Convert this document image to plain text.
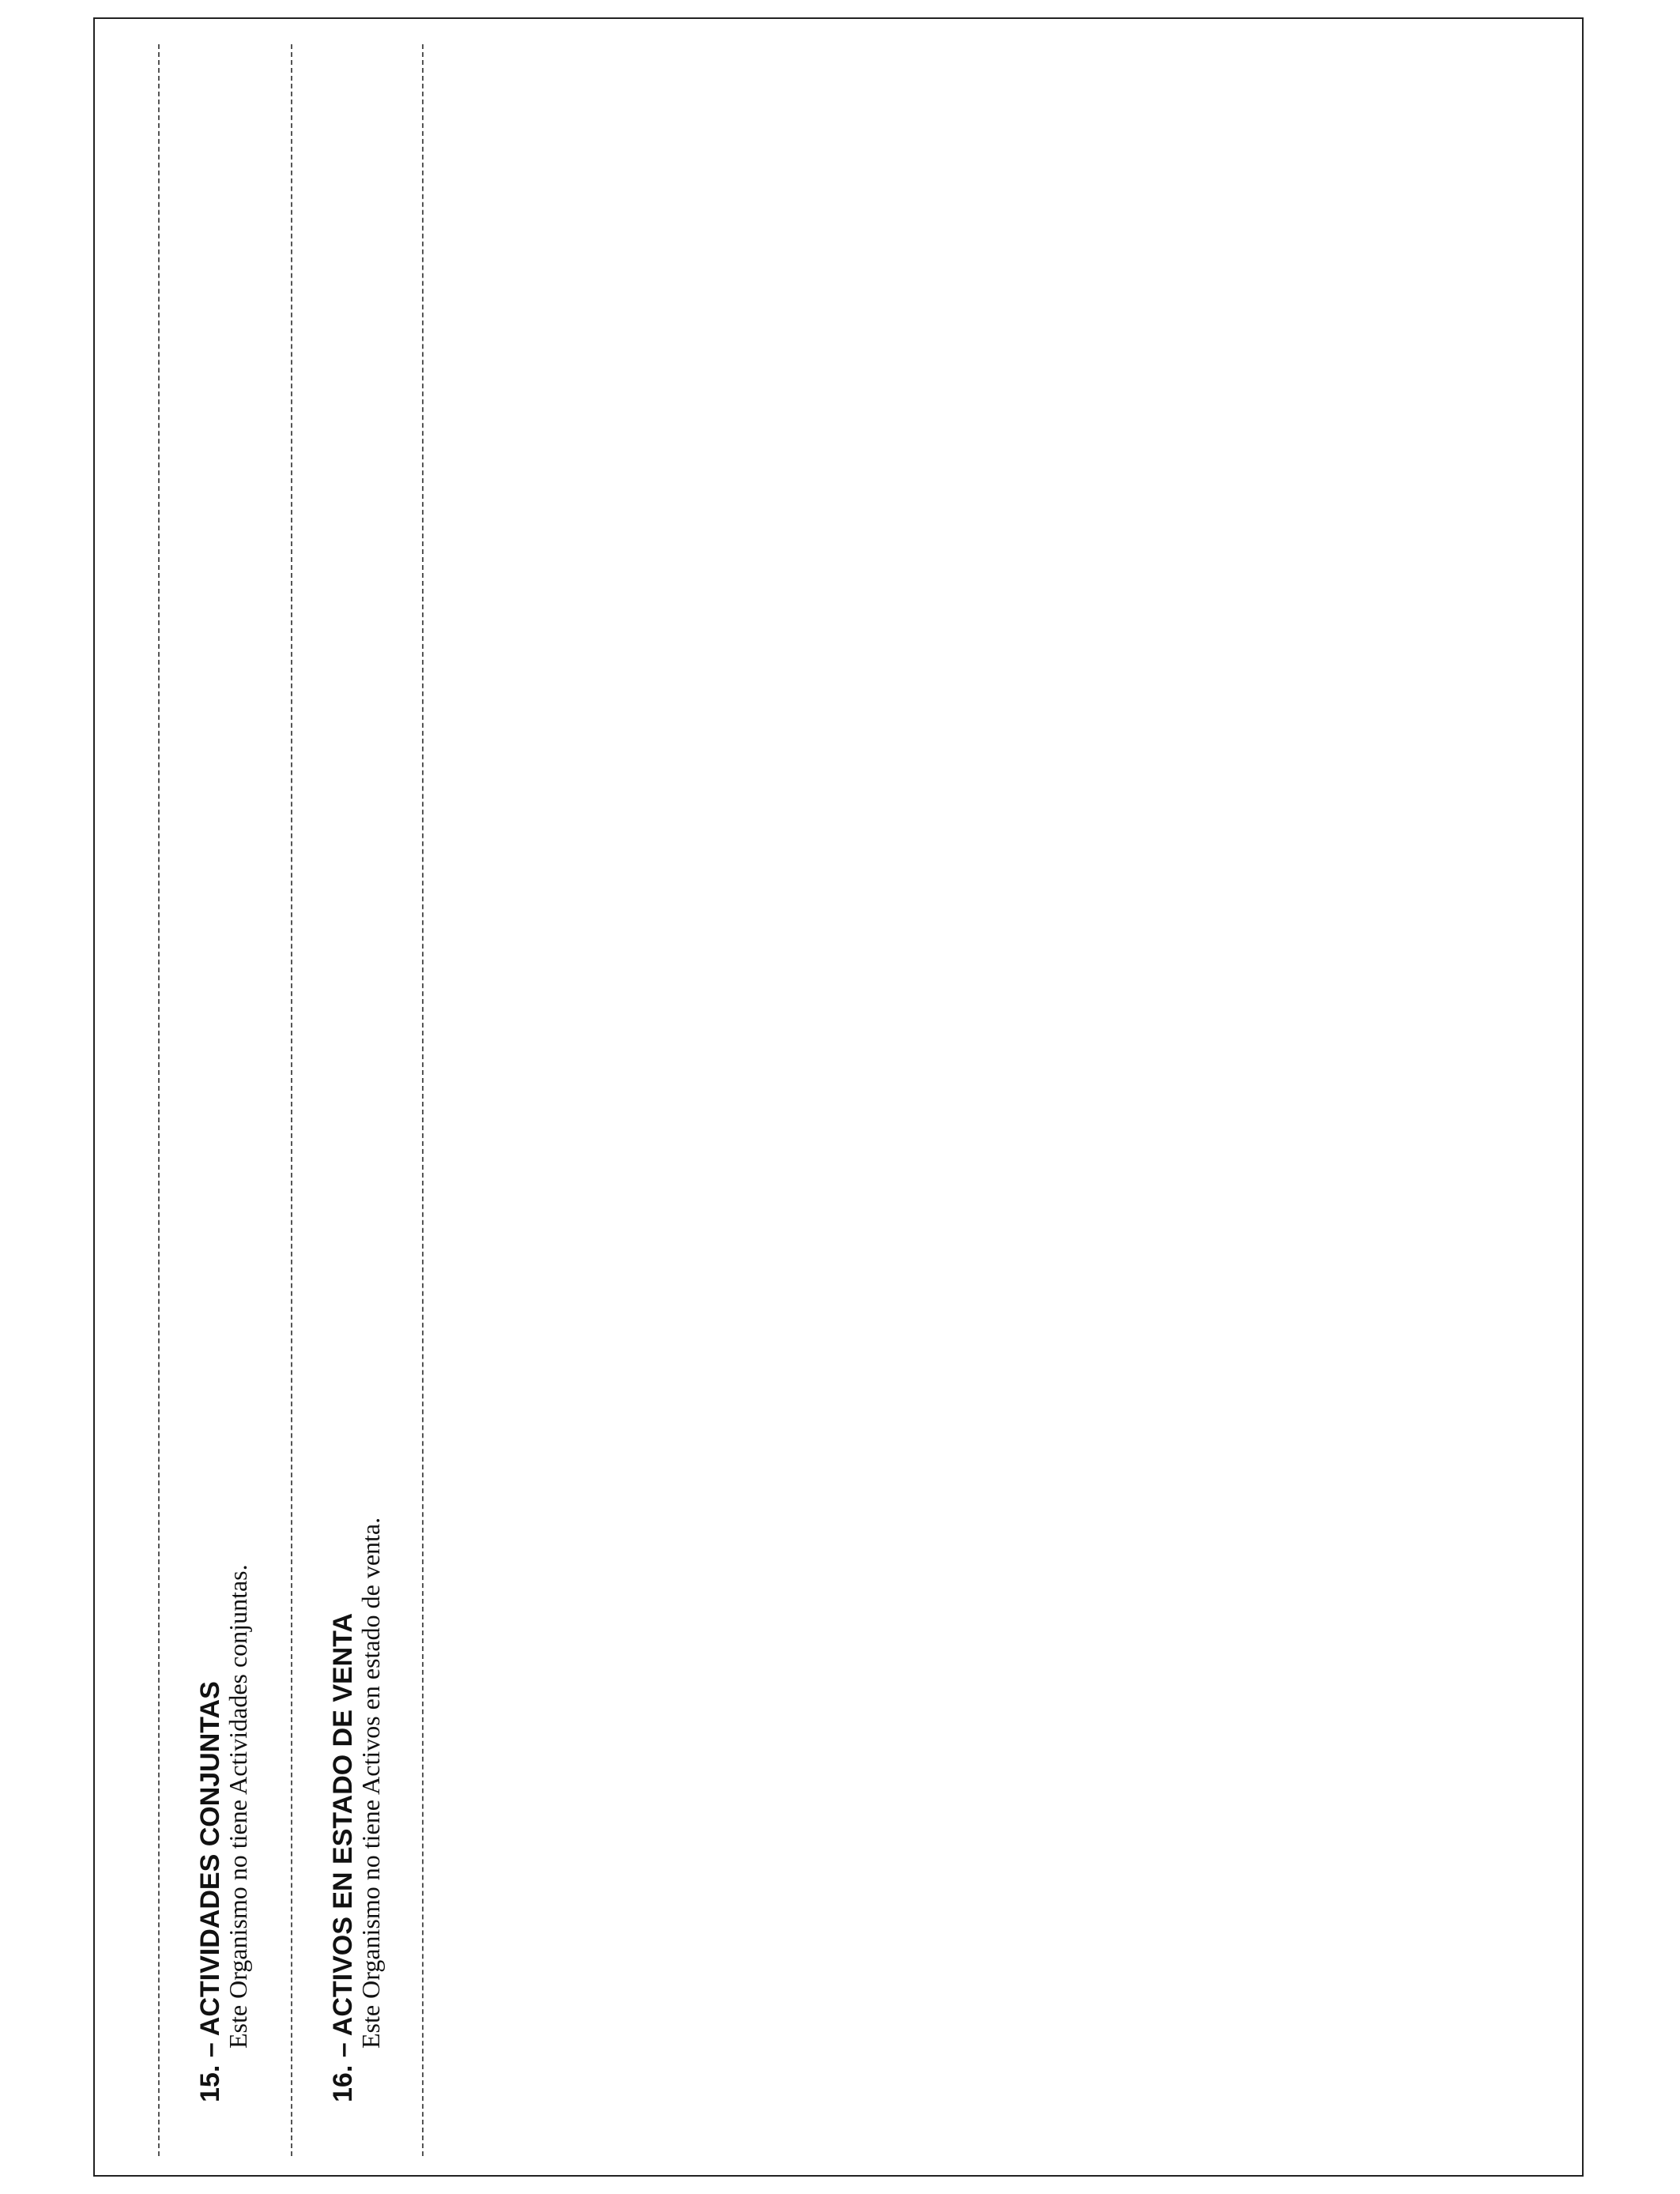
15. – ACTIVIDADES CONJUNTAS

Este Organismo no tiene Actividades conjuntas.	16. – ACTIVOS EN ESTADO DE VENTA

Este Organismo no tiene Activos en estado de venta.
